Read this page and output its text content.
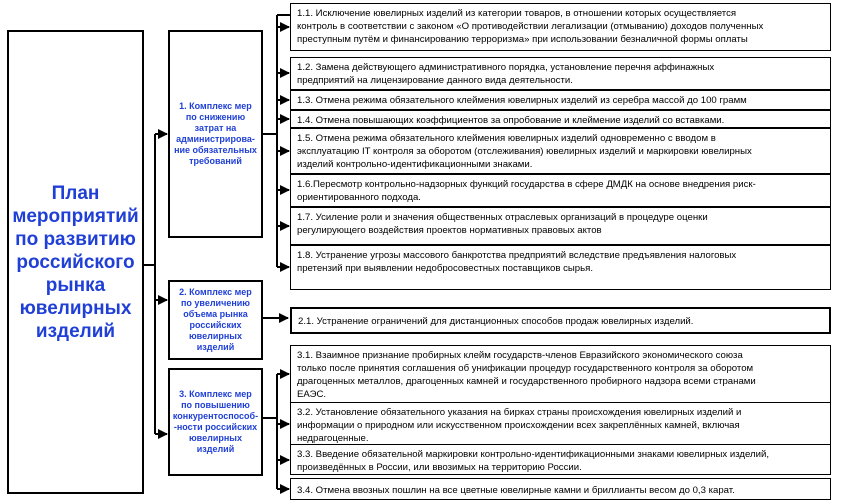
План
мероприятий
по развитию
российского
рынка
ювелирных
изделий
1. Комплекс мер
по снижению
затрат на
администрирова-
ние обязательных
требований
2. Комплекс мер
по увеличению
объема рынка
российских
ювелирных
изделий
3. Комплекс мер
по повышению
конкурентоспособ-
-ности российских
ювелирных
изделий
1.1. Исключение ювелирных изделий из категории товаров, в отношении которых осуществляется
контроль в соответствии с законом «О противодействии легализации (отмыванию) доходов полученных
преступным путём и финансированию терроризма» при использовании безналичной формы оплаты
1.2. Замена действующего административного порядка, установление перечня аффинажных
предприятий на лицензирование данного вида деятельности.
1.3. Отмена режима обязательного клеймения ювелирных изделий из серебра массой до 100 грамм
1.4. Отмена повышающих коэффициентов за опробование и клеймение изделий со вставками.
1.5. Отмена режима обязательного клеймения ювелирных изделий одновременно с вводом в
эксплуатацию IT контроля за оборотом (отслеживания) ювелирных изделий и маркировки ювелирных
изделий контрольно-идентификационными знаками.
1.6.Пересмотр контрольно-надзорных функций государства в сфере ДМДК на основе внедрения риск-
ориентированного подхода.
1.7. Усиление роли и значения общественных отраслевых организаций в процедуре оценки
регулирующего воздействия проектов нормативных правовых актов
1.8. Устранение угрозы массового банкротства предприятий вследствие предъявления налоговых
претензий при выявлении недобросовестных поставщиков сырья.
2.1. Устранение ограничений для дистанционных способов продаж ювелирных изделий.
3.1. Взаимное признание пробирных клейм государств-членов Евразийского экономического союза
только после принятия соглашения об унификации процедур государственного контроля за оборотом
драгоценных металлов, драгоценных камней и государственного пробирного надзора всеми странами
ЕАЭС.
3.2. Установление обязательного указания на бирках страны происхождения ювелирных изделий и
информации о природном или искусственном происхождении всех закреплённых камней, включая
недрагоценные.
3.3. Введение обязательной маркировки контрольно-идентификационными знаками ювелирных изделий,
произведённых в России, или ввозимых на территорию России.
3.4. Отмена ввозных пошлин на все цветные ювелирные камни и бриллианты весом до 0,3 карат.
